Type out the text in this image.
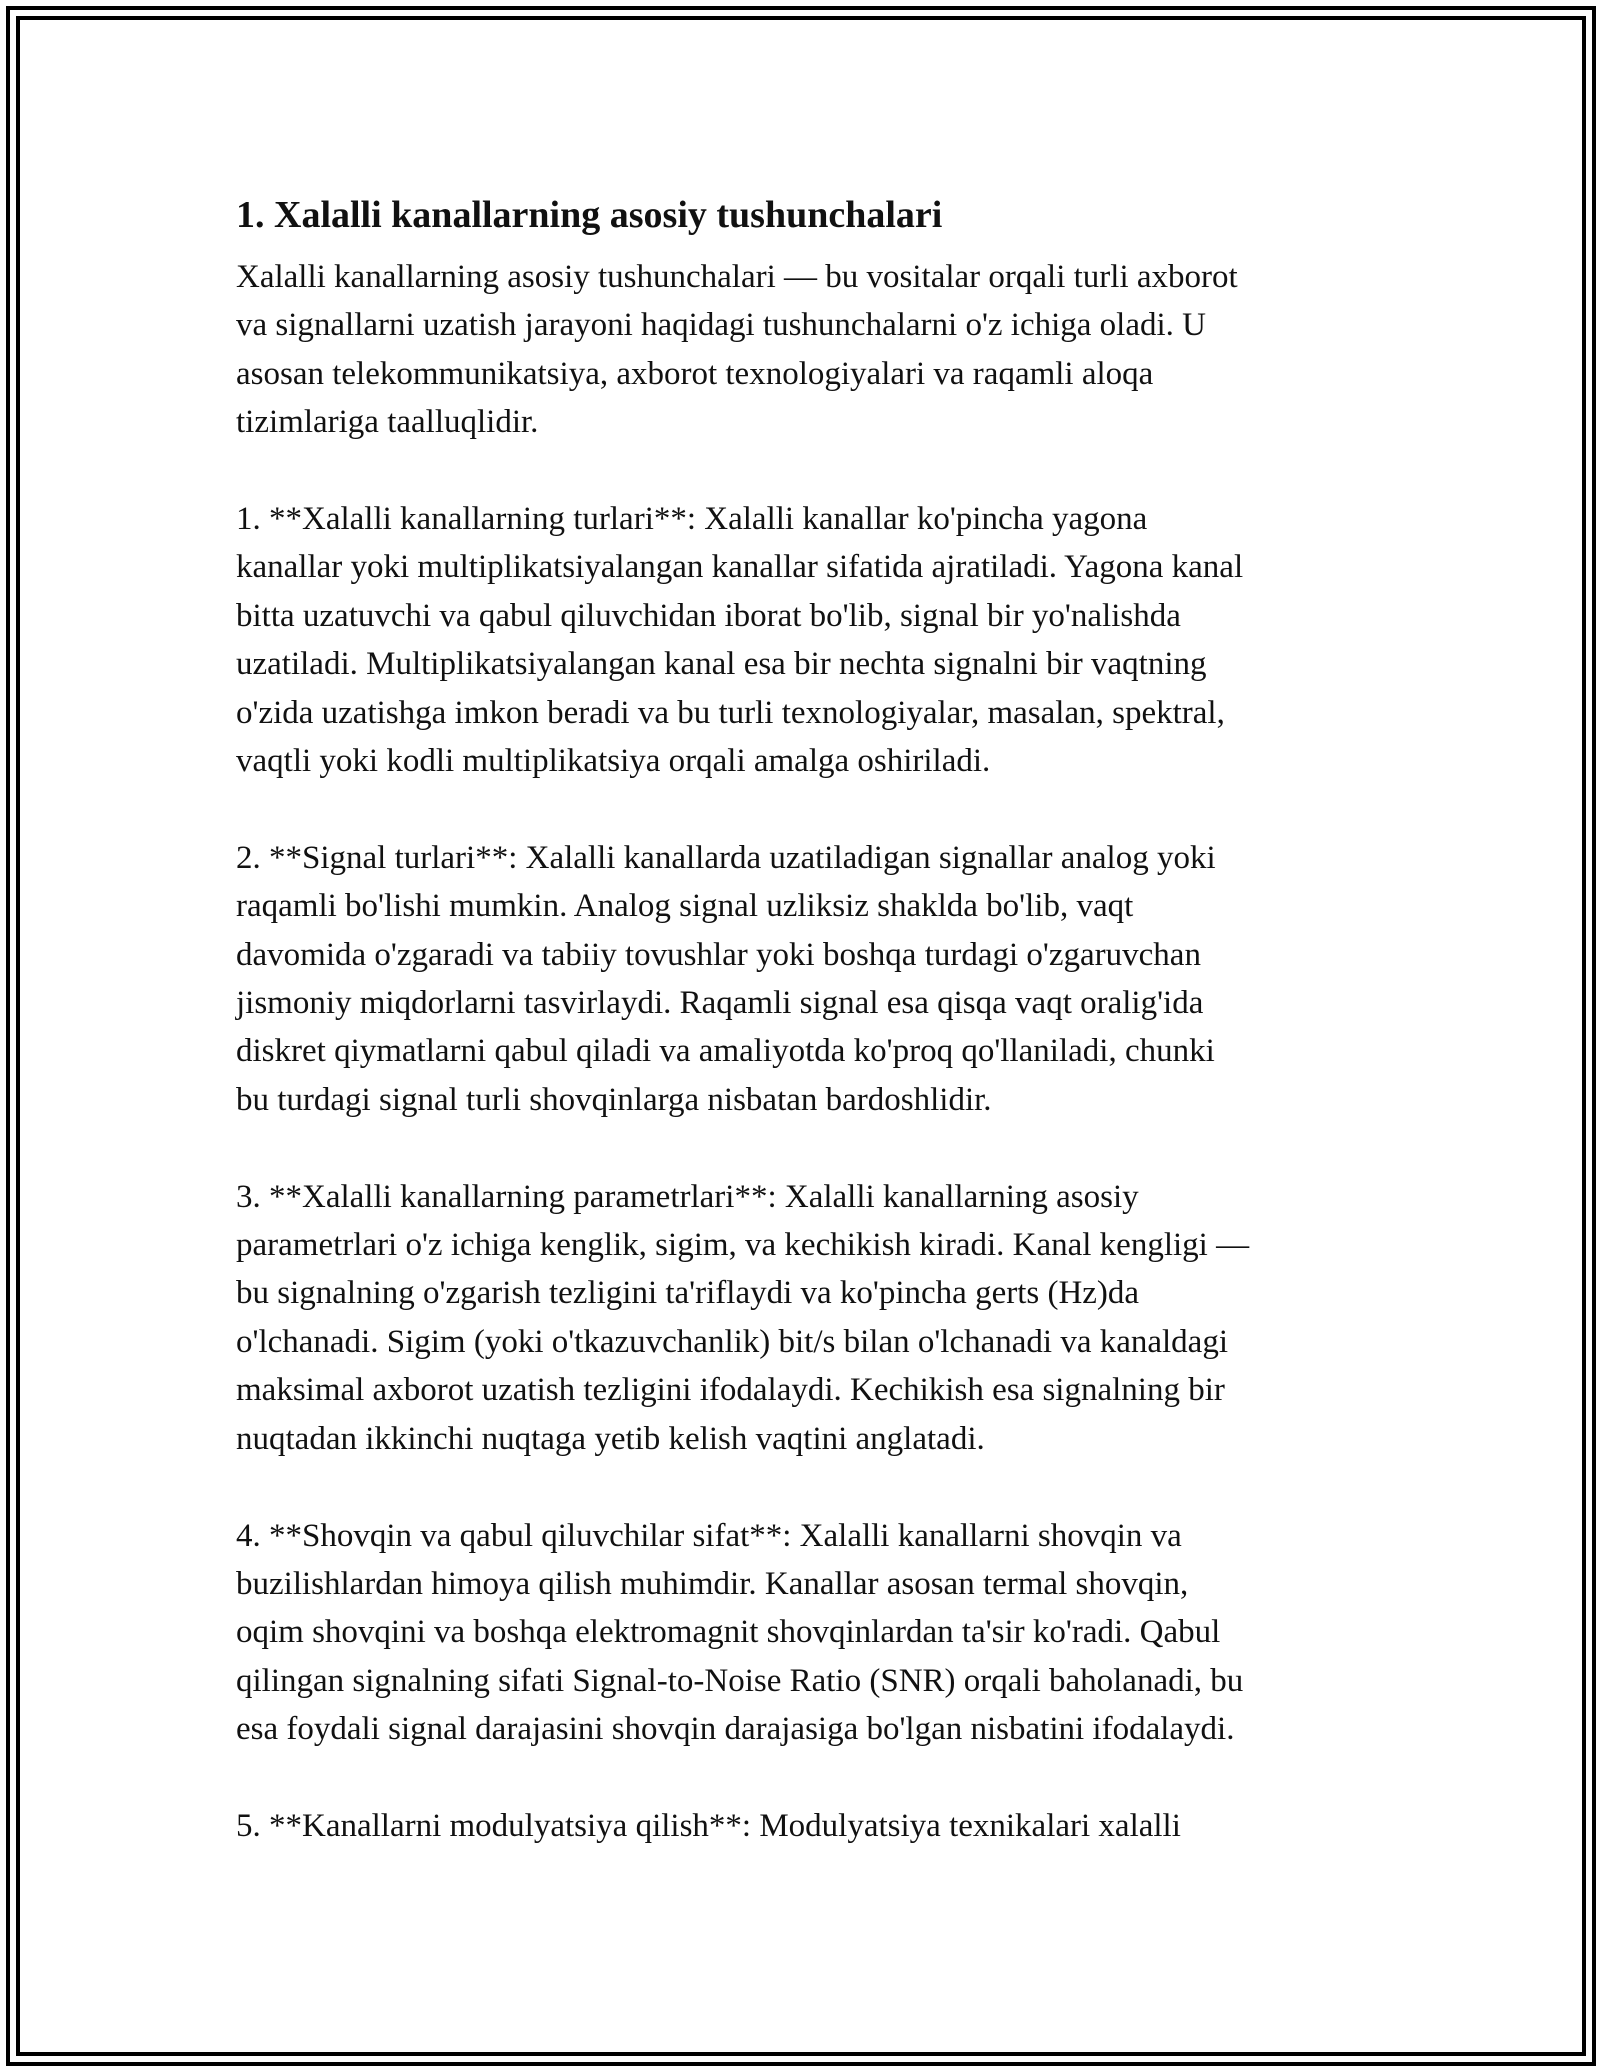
1. Xalalli kanallarning asosiy tushunchalari

Xalalli kanallarning asosiy tushunchalari — bu vositalar orqali turli axborot
va signallarni uzatish jarayoni haqidagi tushunchalarni o'z ichiga oladi. U
asosan telekommunikatsiya, axborot texnologiyalari va raqamli aloqa
tizimlariga taalluqlidir.

1. **Xalalli kanallarning turlari**: Xalalli kanallar ko'pincha yagona
kanallar yoki multiplikatsiyalangan kanallar sifatida ajratiladi. Yagona kanal
bitta uzatuvchi va qabul qiluvchidan iborat bo'lib, signal bir yo'nalishda
uzatiladi. Multiplikatsiyalangan kanal esa bir nechta signalni bir vaqtning
o'zida uzatishga imkon beradi va bu turli texnologiyalar, masalan, spektral,
vaqtli yoki kodli multiplikatsiya orqali amalga oshiriladi.

2. **Signal turlari**: Xalalli kanallarda uzatiladigan signallar analog yoki
raqamli bo'lishi mumkin. Analog signal uzliksiz shaklda bo'lib, vaqt
davomida o'zgaradi va tabiiy tovushlar yoki boshqa turdagi o'zgaruvchan
jismoniy miqdorlarni tasvirlaydi. Raqamli signal esa qisqa vaqt oralig'ida
diskret qiymatlarni qabul qiladi va amaliyotda ko'proq qo'llaniladi, chunki
bu turdagi signal turli shovqinlarga nisbatan bardoshlidir.

3. **Xalalli kanallarning parametrlari**: Xalalli kanallarning asosiy
parametrlari o'z ichiga kenglik, sigim, va kechikish kiradi. Kanal kengligi —
bu signalning o'zgarish tezligini ta'riflaydi va ko'pincha gerts (Hz)da
o'lchanadi. Sigim (yoki o'tkazuvchanlik) bit/s bilan o'lchanadi va kanaldagi
maksimal axborot uzatish tezligini ifodalaydi. Kechikish esa signalning bir
nuqtadan ikkinchi nuqtaga yetib kelish vaqtini anglatadi.

4. **Shovqin va qabul qiluvchilar sifat**: Xalalli kanallarni shovqin va
buzilishlardan himoya qilish muhimdir. Kanallar asosan termal shovqin,
oqim shovqini va boshqa elektromagnit shovqinlardan ta'sir ko'radi. Qabul
qilingan signalning sifati Signal-to-Noise Ratio (SNR) orqali baholanadi, bu
esa foydali signal darajasini shovqin darajasiga bo'lgan nisbatini ifodalaydi.

5. **Kanallarni modulyatsiya qilish**: Modulyatsiya texnikalari xalalli
